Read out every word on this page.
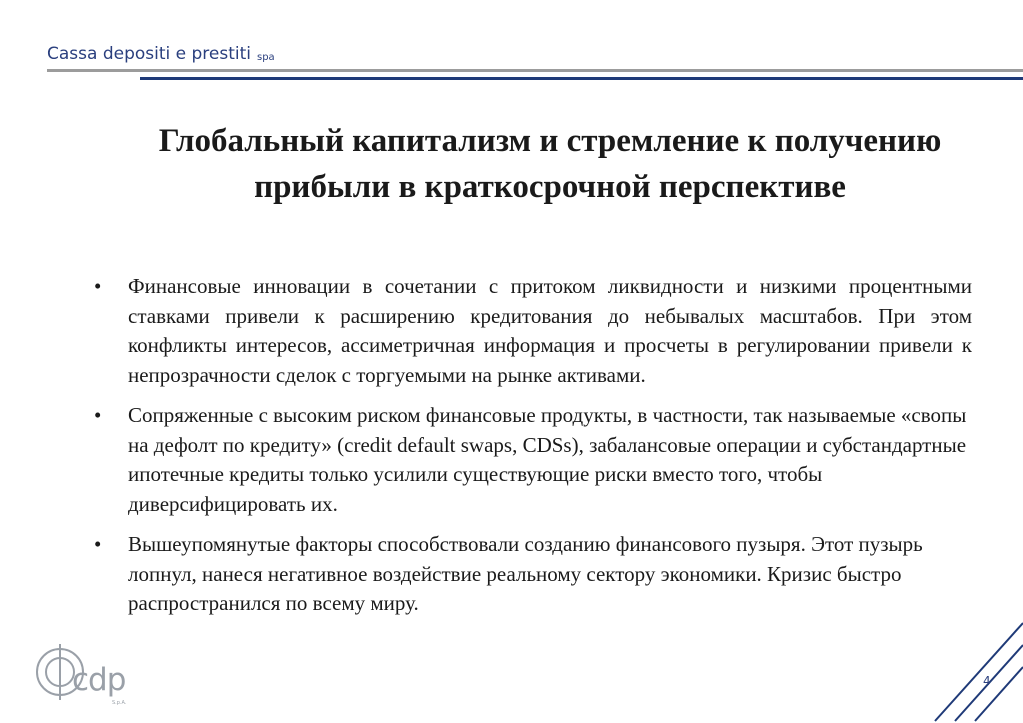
Cassa depositi e prestiti spa
Глобальный капитализм и стремление к получению прибыли в краткосрочной перспективе
• Финансовые инновации в сочетании с притоком ликвидности и низкими процентными ставками привели к расширению кредитования до небывалых масштабов. При этом конфликты интересов, ассиметричная информация и просчеты в регулировании привели к непрозрачности сделок с торгуемыми на рынке активами.
• Сопряженные с высоким риском финансовые продукты, в частности, так называемые «свопы на дефолт по кредиту» (credit default swaps, CDSs), забалансовые операции и субстандартные ипотечные кредиты только усилили существующие риски вместо того, чтобы диверсифицировать их.
• Вышеупомянутые факторы способствовали созданию финансового пузыря. Этот пузырь лопнул, нанеся негативное воздействие реальному сектору экономики. Кризис быстро распространился по всему миру.
4
cdp
S.p.A.
